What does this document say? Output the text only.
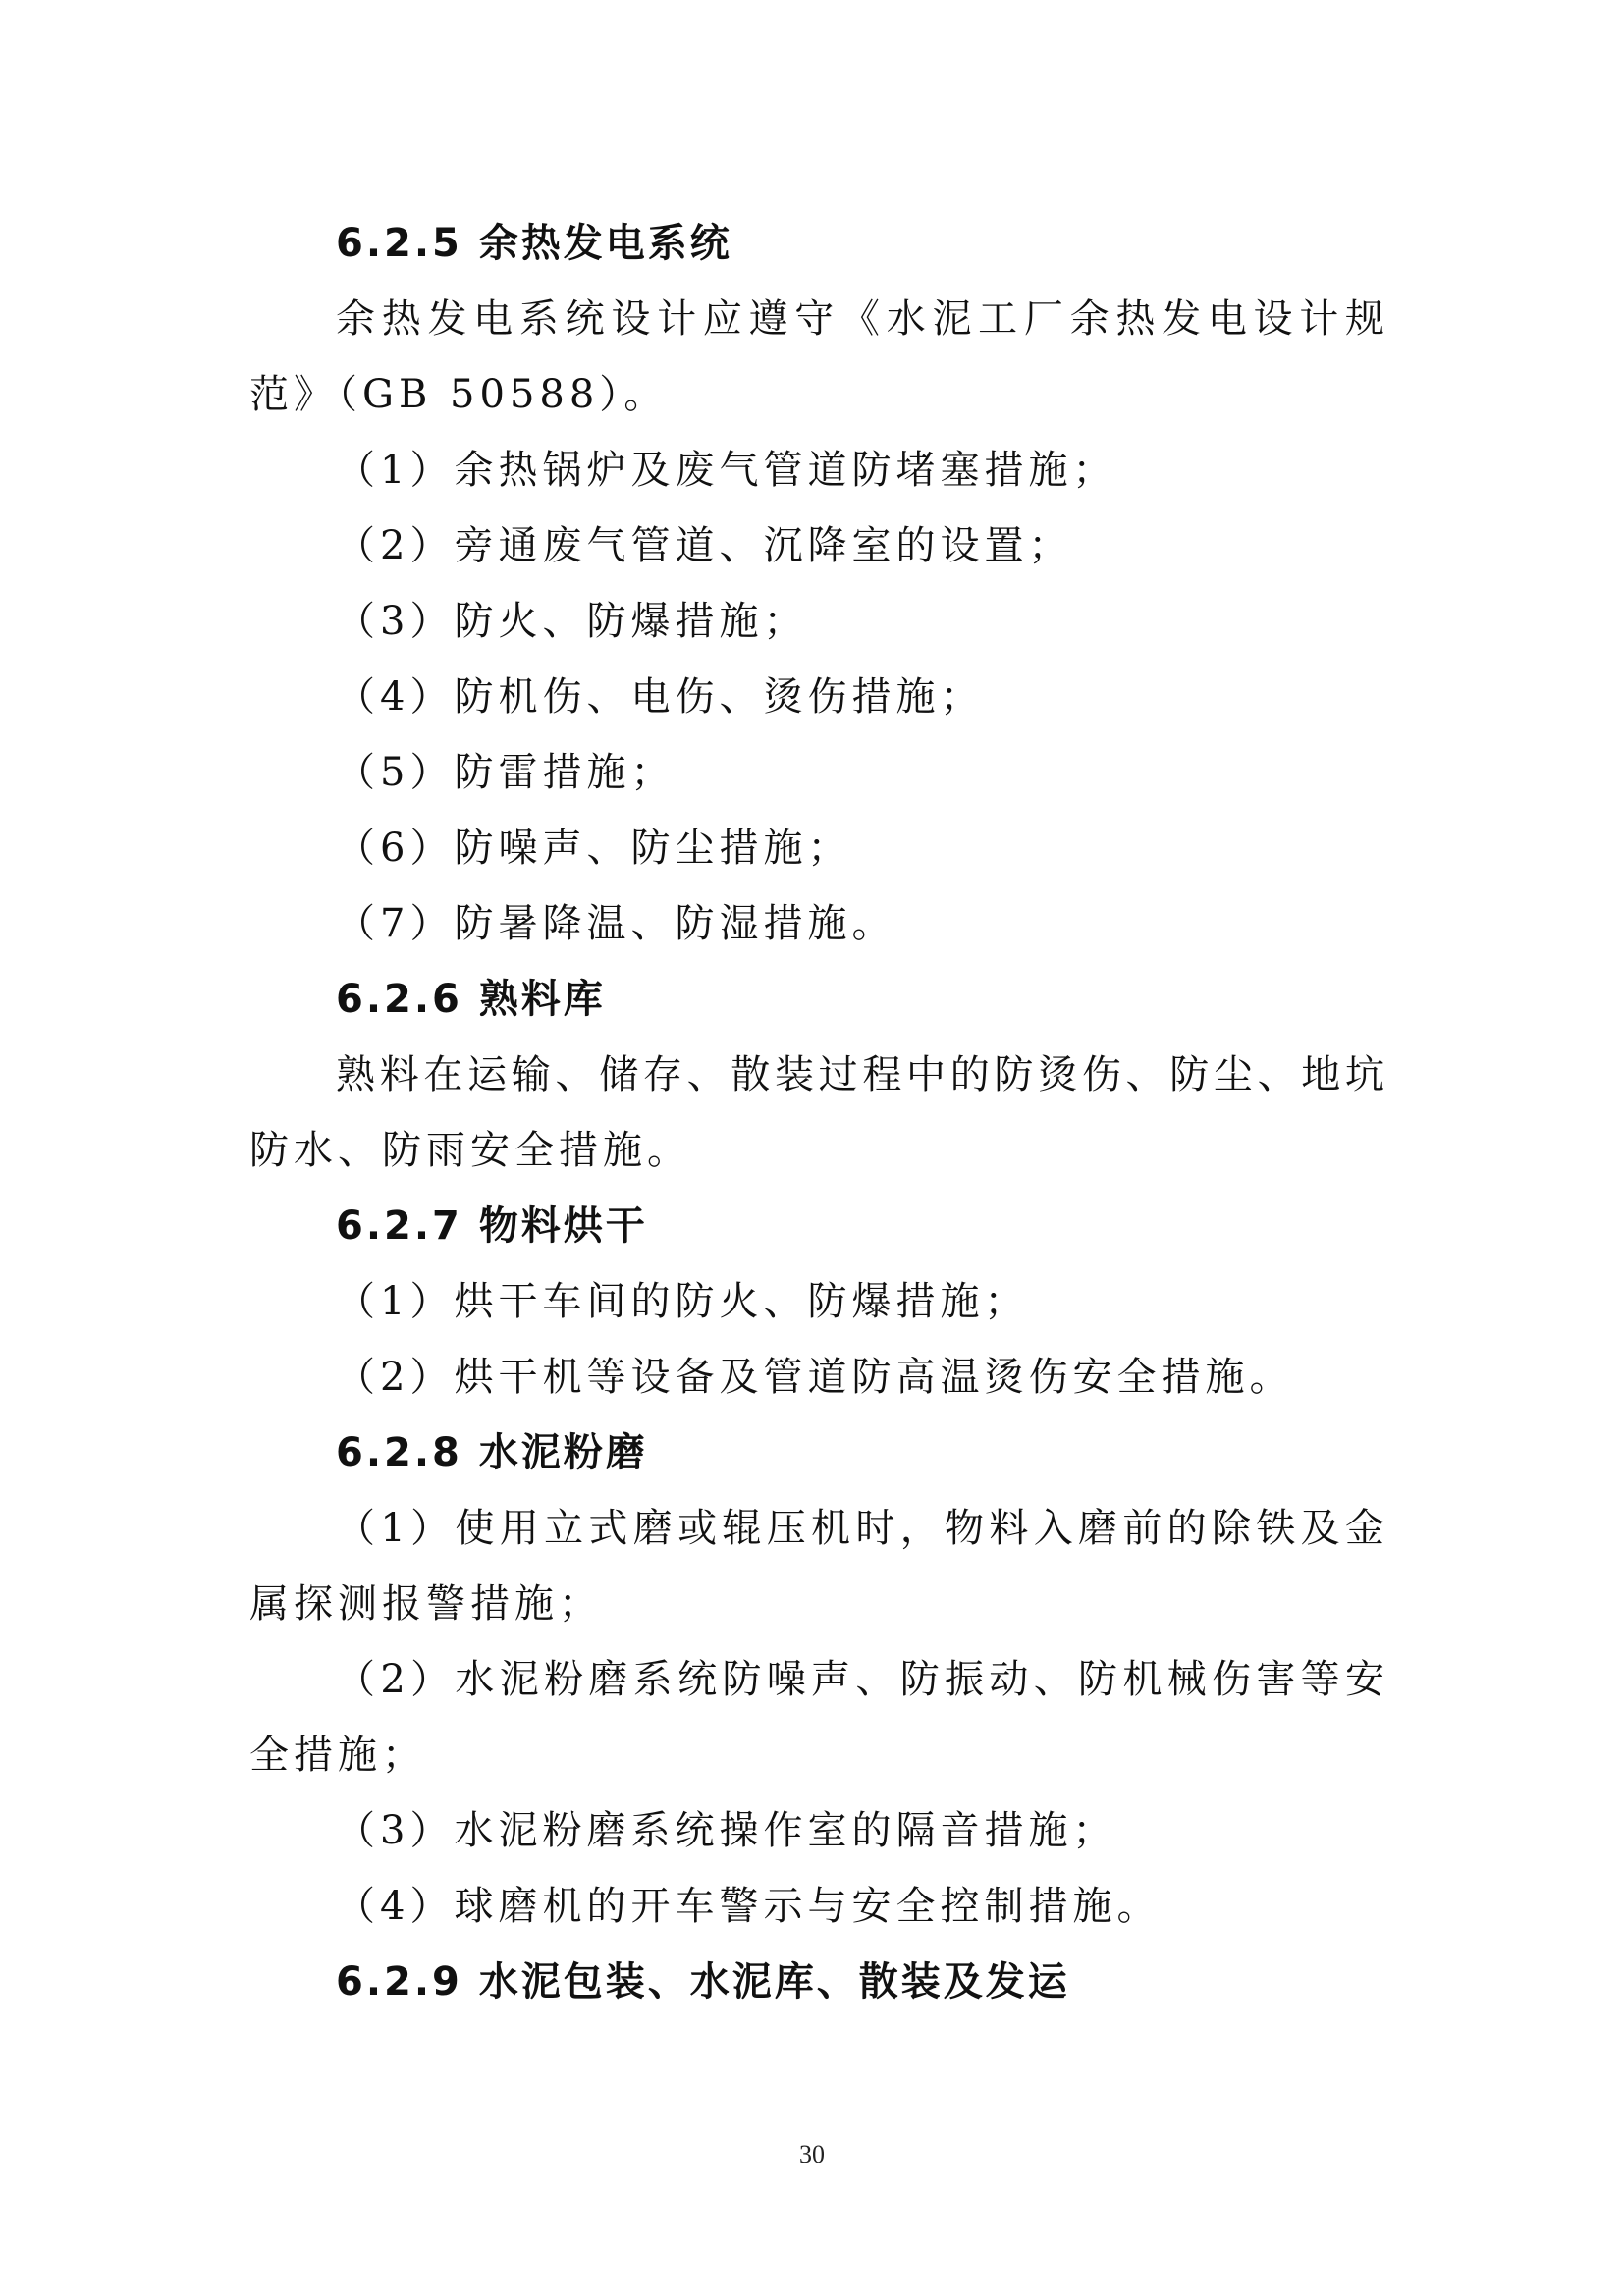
6.2.5 余热发电系统
余热发电系统设计应遵守《水泥工厂余热发电设计规
范》（GB 50588）。
（1）余热锅炉及废气管道防堵塞措施；
（2）旁通废气管道、沉降室的设置；
（3）防火、防爆措施；
（4）防机伤、电伤、烫伤措施；
（5）防雷措施；
（6）防噪声、防尘措施；
（7）防暑降温、防湿措施。
6.2.6 熟料库
熟料在运输、储存、散装过程中的防烫伤、防尘、地坑
防水、防雨安全措施。
6.2.7 物料烘干
（1）烘干车间的防火、防爆措施；
（2）烘干机等设备及管道防高温烫伤安全措施。
6.2.8 水泥粉磨
（1）使用立式磨或辊压机时，物料入磨前的除铁及金
属探测报警措施；
（2）水泥粉磨系统防噪声、防振动、防机械伤害等安
全措施；
（3）水泥粉磨系统操作室的隔音措施；
（4）球磨机的开车警示与安全控制措施。
6.2.9 水泥包装、水泥库、散装及发运
30
